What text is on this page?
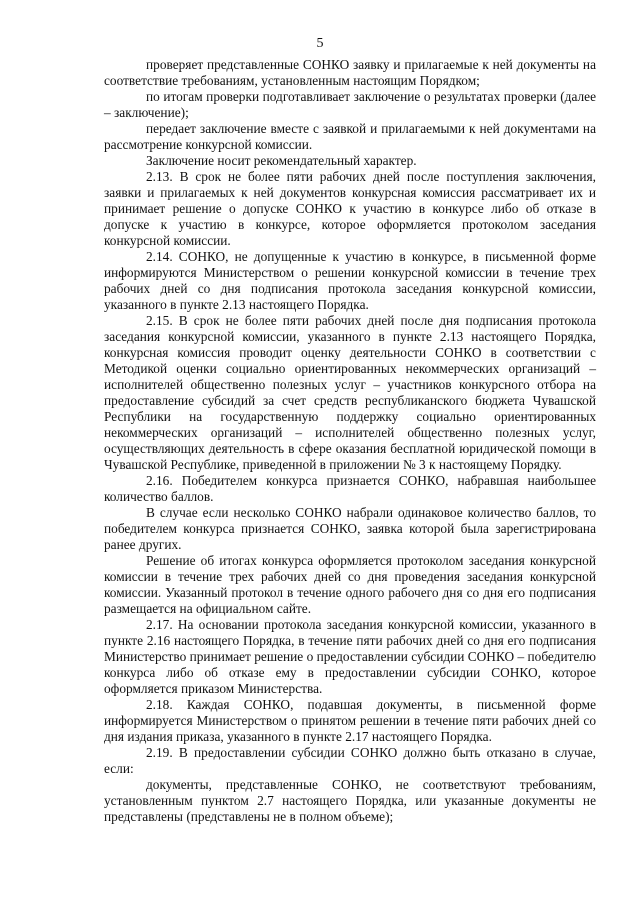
5

проверяет представленные СОНКО заявку и прилагаемые к ней документы на соответствие требованиям, установленным настоящим Порядком;

по итогам проверки подготавливает заключение о результатах проверки (далее – заключение);

передает заключение вместе с заявкой и прилагаемыми к ней документами на рассмотрение конкурсной комиссии.

Заключение носит рекомендательный характер.

2.13. В срок не более пяти рабочих дней после поступления заключения, заявки и прилагаемых к ней документов конкурсная комиссия рассматривает их и принимает решение о допуске СОНКО к участию в конкурсе либо об отказе в допуске к участию в конкурсе, которое оформляется протоколом заседания конкурсной комиссии.

2.14. СОНКО, не допущенные к участию в конкурсе, в письменной форме информируются Министерством о решении конкурсной комиссии в течение трех рабочих дней со дня подписания протокола заседания конкурсной комиссии, указанного в пункте 2.13 настоящего Порядка.

2.15. В срок не более пяти рабочих дней после дня подписания протокола заседания конкурсной комиссии, указанного в пункте 2.13 настоящего Порядка, конкурсная комиссия проводит оценку деятельности СОНКО в соответствии с Методикой оценки социально ориентированных некоммерческих организаций – исполнителей общественно полезных услуг – участников конкурсного отбора на предоставление субсидий за счет средств республиканского бюджета Чувашской Республики на государственную поддержку социально ориентированных некоммерческих организаций – исполнителей общественно полезных услуг, осуществляющих деятельность в сфере оказания бесплатной юридической помощи в Чувашской Республике, приведенной в приложении № 3 к настоящему Порядку.

2.16. Победителем конкурса признается СОНКО, набравшая наибольшее количество баллов.

В случае если несколько СОНКО набрали одинаковое количество баллов, то победителем конкурса признается СОНКО, заявка которой была зарегистрирована ранее других.

Решение об итогах конкурса оформляется протоколом заседания конкурсной комиссии в течение трех рабочих дней со дня проведения заседания конкурсной комиссии. Указанный протокол в течение одного рабочего дня со дня его подписания размещается на официальном сайте.

2.17. На основании протокола заседания конкурсной комиссии, указанного в пункте 2.16 настоящего Порядка, в течение пяти рабочих дней со дня его подписания Министерство принимает решение о предоставлении субсидии СОНКО – победителю конкурса либо об отказе ему в предоставлении субсидии СОНКО, которое оформляется приказом Министерства.

2.18. Каждая СОНКО, подавшая документы, в письменной форме информируется Министерством о принятом решении в течение пяти рабочих дней со дня издания приказа, указанного в пункте 2.17 настоящего Порядка.

2.19. В предоставлении субсидии СОНКО должно быть отказано в случае, если:

документы, представленные СОНКО, не соответствуют требованиям, установленным пунктом 2.7 настоящего Порядка, или указанные документы не представлены (представлены не в полном объеме);
